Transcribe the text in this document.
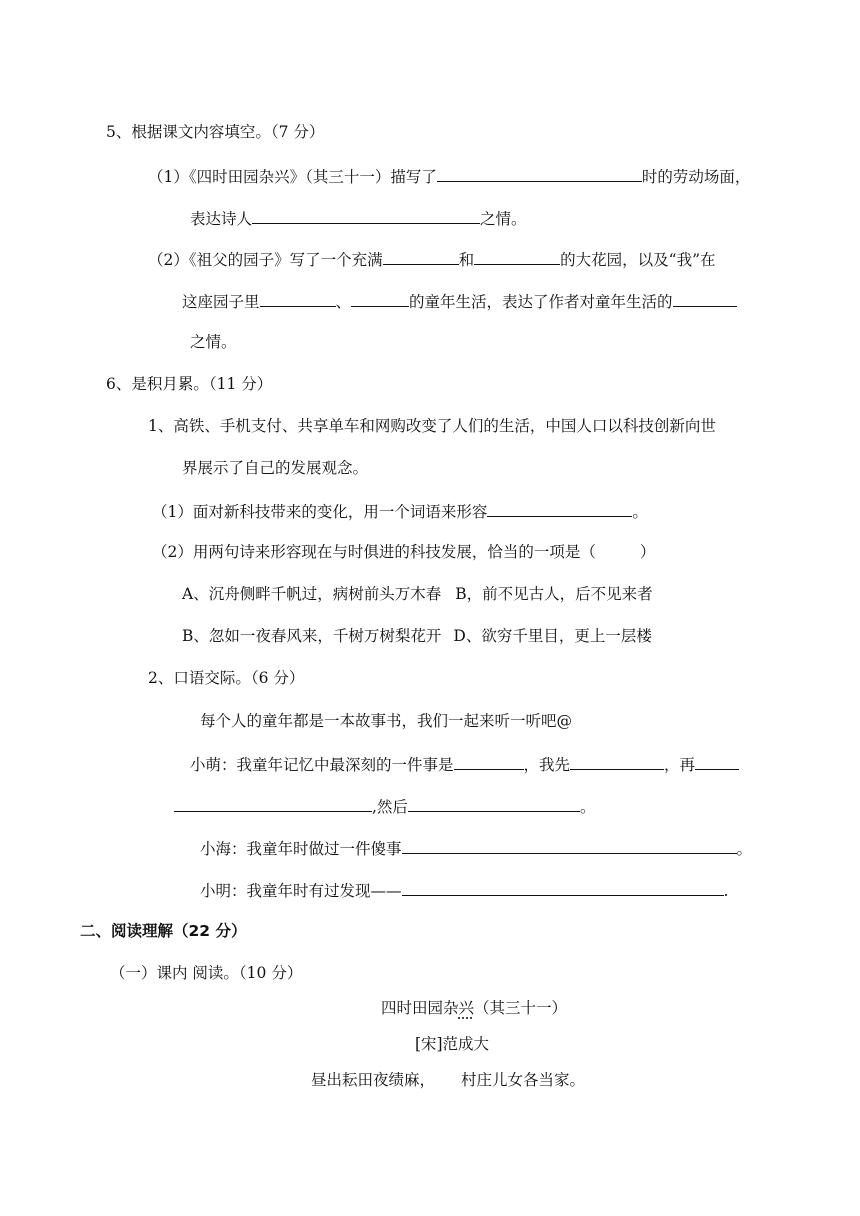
5、根据课文内容填空。（7 分）
（1）《四时田园杂兴》（其三十一）描写了	时的劳动场面，
表达诗人	之情。
（2）《祖父的园子》写了一个充满	和	的大花园，以及“我”在
这座园子里	、	的童年生活，表达了作者对童年生活的
之情。
6、是积月累。（11 分）
1、高铁、手机支付、共享单车和网购改变了人们的生活，中国人口以科技创新向世
界展示了自己的发展观念。
（1）面对新科技带来的变化，用一个词语来形容	。
（2）用两句诗来形容现在与时俱进的科技发展，恰当的一项是（	）
A、沉舟侧畔千帆过，病树前头万木春 B，前不见古人，后不见来者
B、忽如一夜春风来，千树万树梨花开 D、欲穷千里目，更上一层楼
2、口语交际。（6 分）
每个人的童年都是一本故事书，我们一起来听一听吧@
小萌：我童年记忆中最深刻的一件事是	，我先	，再
,然后	。
小海：我童年时做过一件傻事	。
小明：我童年时有过发现——	.
二、阅读理解（22 分）
（一）课内 阅读。（10 分）
四时田园杂兴（其三十一）
[宋]范成大
昼出耘田夜绩麻， 村庄儿女各当家。
